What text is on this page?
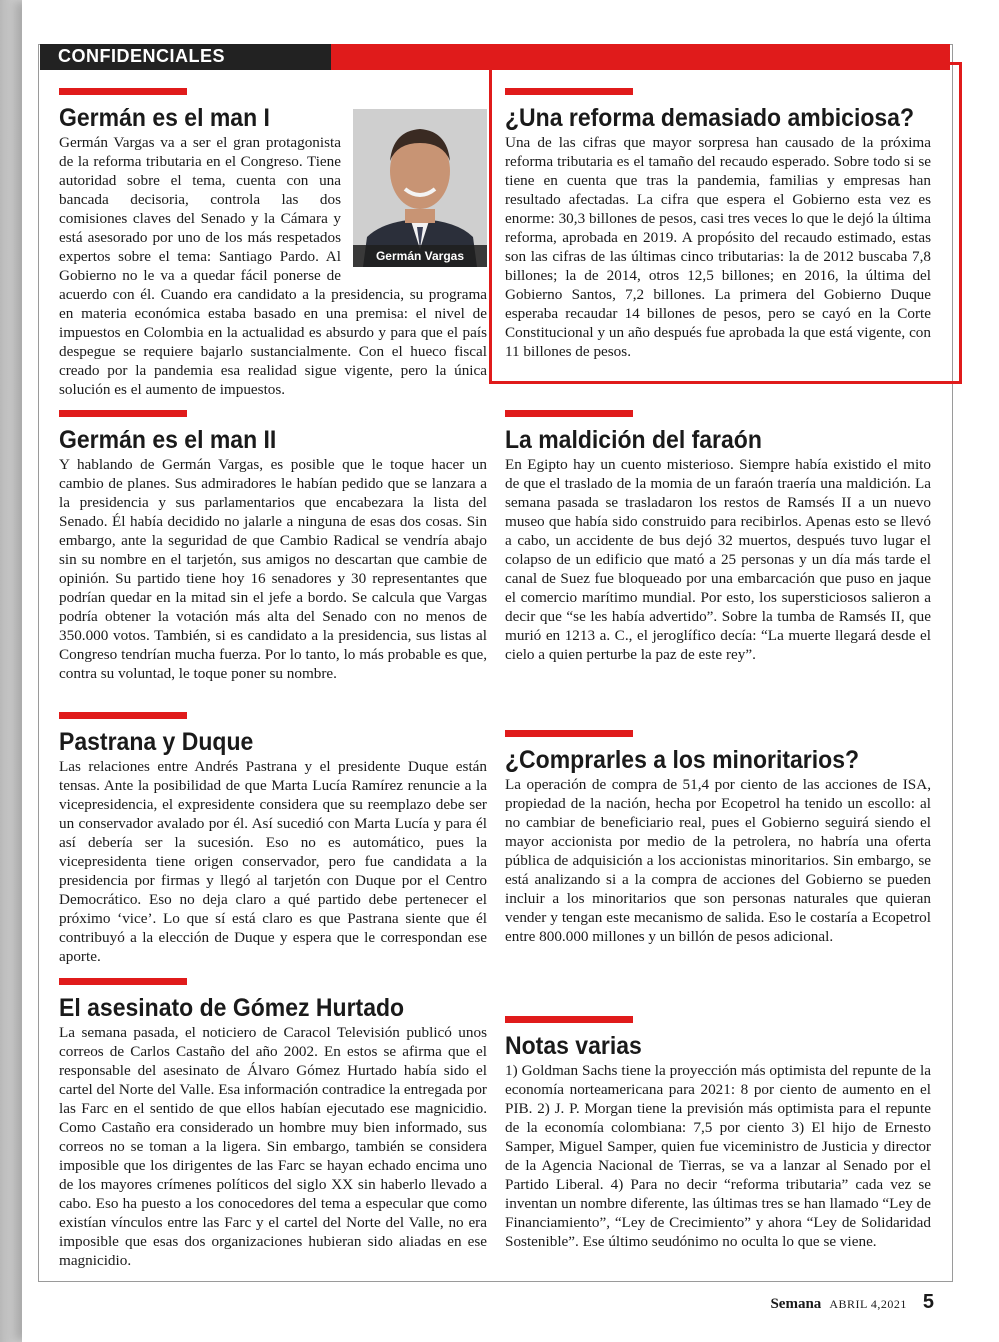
CONFIDENCIALES
Germán es el man I
Germán Vargas

Germán Vargas va a ser el gran protagonista de la reforma tributaria en el Congreso. Tiene autoridad sobre el tema, cuenta con una bancada decisoria, controla las dos comisiones claves del Senado y la Cámara y está asesorado por uno de los más respetados expertos sobre el tema: Santiago Pardo. Al Gobierno no le va a quedar fácil ponerse de acuerdo con él. Cuando era candidato a la presidencia, su programa en materia económica estaba basado en una premisa: el nivel de impuestos en Colombia en la actualidad es absurdo y para que el país despegue se requiere bajarlo sustancialmente. Con el hueco fiscal creado por la pandemia esa realidad sigue vigente, pero la única solución es el aumento de impuestos.

Germán es el man II

Y hablando de Germán Vargas, es posible que le toque hacer un cambio de planes. Sus admiradores le habían pedido que se lanzara a la presidencia y sus parlamentarios que encabezara la lista del Senado. Él había decidido no jalarle a ninguna de esas dos cosas. Sin embargo, ante la seguridad de que Cambio Radical se vendría abajo sin su nombre en el tarjetón, sus amigos no descartan que cambie de opinión. Su partido tiene hoy 16 senadores y 30 representantes que podrían quedar en la mitad sin el jefe a bordo. Se calcula que Vargas podría obtener la votación más alta del Senado con no menos de 350.000 votos. También, si es candidato a la presidencia, sus listas al Congreso tendrían mucha fuerza. Por lo tanto, lo más probable es que, contra su voluntad, le toque poner su nombre.

Pastrana y Duque

Las relaciones entre Andrés Pastrana y el presidente Duque están tensas. Ante la posibilidad de que Marta Lucía Ramírez renuncie a la vicepresidencia, el expresidente considera que su reemplazo debe ser un conservador avalado por él. Así sucedió con Marta Lucía y para él así debería ser la sucesión. Eso no es automático, pues la vicepresidenta tiene origen conservador, pero fue candidata a la presidencia por firmas y llegó al tarjetón con Duque por el Centro Democrático. Eso no deja claro a qué partido debe pertenecer el próximo ‘vice’. Lo que sí está claro es que Pastrana siente que él contribuyó a la elección de Duque y espera que le correspondan ese aporte.

El asesinato de Gómez Hurtado

La semana pasada, el noticiero de Caracol Televisión publicó unos correos de Carlos Castaño del año 2002. En estos se afirma que el responsable del asesinato de Álvaro Gómez Hurtado había sido el cartel del Norte del Valle. Esa información contradice la entregada por las Farc en el sentido de que ellos habían ejecutado ese magnicidio. Como Castaño era considerado un hombre muy bien informado, sus correos no se toman a la ligera. Sin embargo, también se considera imposible que los dirigentes de las Farc se hayan echado encima uno de los mayores crímenes políticos del siglo XX sin haberlo llevado a cabo. Eso ha puesto a los conocedores del tema a especular que como existían vínculos entre las Farc y el cartel del Norte del Valle, no era imposible que esas dos organizaciones hubieran sido aliadas en ese magnicidio.

¿Una reforma demasiado ambiciosa?

Una de las cifras que mayor sorpresa han causado de la próxima reforma tributaria es el tamaño del recaudo esperado. Sobre todo si se tiene en cuenta que tras la pandemia, familias y empresas han resultado afectadas. La cifra que espera el Gobierno esta vez es enorme: 30,3 billones de pesos, casi tres veces lo que le dejó la última reforma, aprobada en 2019. A propósito del recaudo estimado, estas son las cifras de las últimas cinco tributarias: la de 2012 buscaba 7,8 billones; la de 2014, otros 12,5 billones; en 2016, la última del Gobierno Santos, 7,2 billones. La primera del Gobierno Duque esperaba recaudar 14 billones de pesos, pero se cayó en la Corte Constitucional y un año después fue aprobada la que está vigente, con 11 billones de pesos.

La maldición del faraón

En Egipto hay un cuento misterioso. Siempre había existido el mito de que el traslado de la momia de un faraón traería una maldición. La semana pasada se trasladaron los restos de Ramsés II a un nuevo museo que había sido construido para recibirlos. Apenas esto se llevó a cabo, un accidente de bus dejó 32 muertos, después tuvo lugar el colapso de un edificio que mató a 25 personas y un día más tarde el canal de Suez fue bloqueado por una embarcación que puso en jaque el comercio marítimo mundial. Por esto, los supersticiosos salieron a decir que “se les había advertido”. Sobre la tumba de Ramsés II, que murió en 1213 a. C., el jeroglífico decía: “La muerte llegará desde el cielo a quien perturbe la paz de este rey”.

¿Comprarles a los minoritarios?

La operación de compra de 51,4 por ciento de las acciones de ISA, propiedad de la nación, hecha por Ecopetrol ha tenido un escollo: al no cambiar de beneficiario real, pues el Gobierno seguirá siendo el mayor accionista por medio de la petrolera, no habría una oferta pública de adquisición a los accionistas minoritarios. Sin embargo, se está analizando si a la compra de acciones del Gobierno se pueden incluir a los minoritarios que son personas naturales que quieran vender y tengan este mecanismo de salida. Eso le costaría a Ecopetrol entre 800.000 millones y un billón de pesos adicional.

Notas varias

1) Goldman Sachs tiene la proyección más optimista del repunte de la economía norteamericana para 2021: 8 por ciento de aumento en el PIB. 2) J. P. Morgan tiene la previsión más optimista para el repunte de la economía colombiana: 7,5 por ciento 3) El hijo de Ernesto Samper, Miguel Samper, quien fue viceministro de Justicia y director de la Agencia Nacional de Tierras, se va a lanzar al Senado por el Partido Liberal. 4) Para no decir “reforma tributaria” cada vez se inventan un nombre diferente, las últimas tres se han llamado “Ley de Financiamiento”, “Ley de Crecimiento” y ahora “Ley de Solidaridad Sostenible”. Ese último seudónimo no oculta lo que se viene.

Semana ABRIL 4,2021 5
